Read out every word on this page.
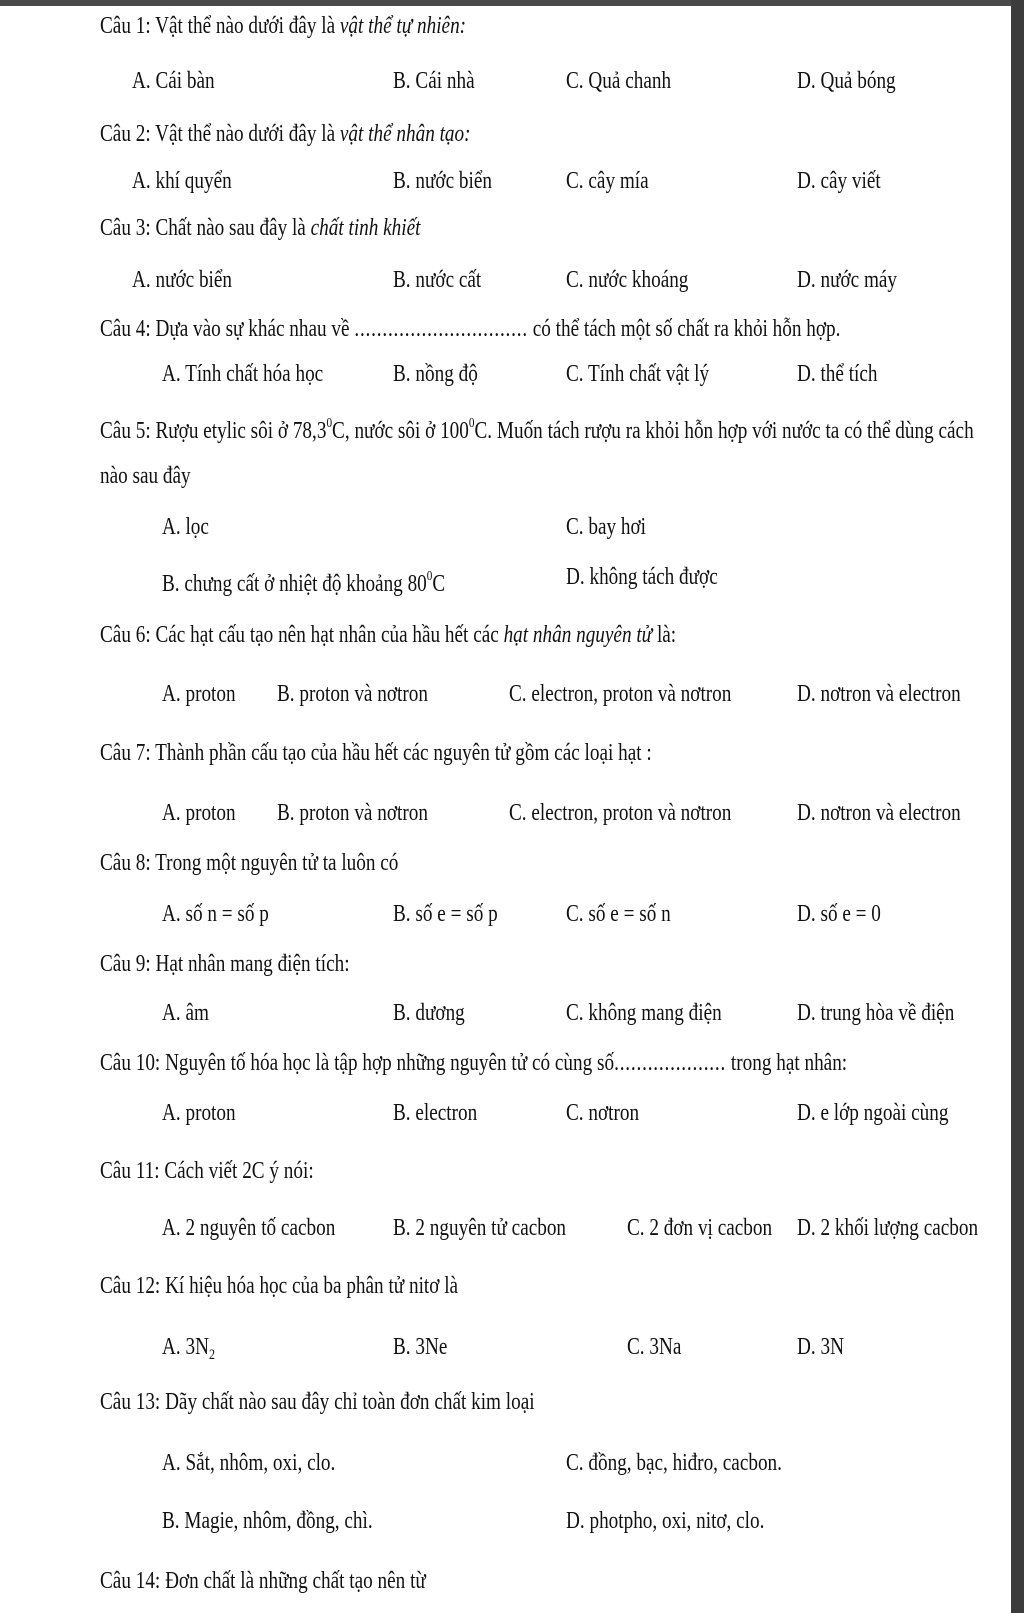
Câu 1: Vật thể nào dưới đây là vật thể tự nhiên:
A. Cái bàn	B. Cái nhà	C. Quả chanh	D. Quả bóng
Câu 2: Vật thể nào dưới đây là vật thể nhân tạo:
A. khí quyển	B. nước biển	C. cây mía	D. cây viết
Câu 3: Chất nào sau đây là chất tinh khiết
A. nước biển	B. nước cất	C. nước khoáng	D. nước máy
Câu 4: Dựa vào sự khác nhau về ............................... có thể tách một số chất ra khỏi hỗn hợp.
A. Tính chất hóa học	B. nồng độ	C. Tính chất vật lý	D. thể tích
Câu 5: Rượu etylic sôi ở 78,3$^0$C, nước sôi ở $100^0C$. Muốn tách rượu ra khỏi hỗn hợp với nước ta có thể dùng cách
nào sau đây
A. lọc	C. bay hơi
B. chưng cất ở nhiệt độ khoảng $80^0C$	D. không tách được
Câu 6: Các hạt cấu tạo nên hạt nhân của hầu hết các hạt nhân nguyên tử là:
A. proton B. proton và nơtron	C. electron, proton và nơtron	D. nơtron và electron
Câu 7: Thành phần cấu tạo của hầu hết các nguyên tử gồm các loại hạt :
A. proton B. proton và nơtron	C. electron, proton và nơtron	D. nơtron và electron
Câu 8: Trong một nguyên tử ta luôn có
A. số n = số p	B. số e = số p	C. số e = số n	D. số e = 0
Câu 9: Hạt nhân mang điện tích:
A. âm	B. dương	C. không mang điện	D. trung hòa về điện
Câu 10: Nguyên tố hóa học là tập hợp những nguyên tử có cùng số.................... trong hạt nhân:
A. proton	B. electron	C. nơtron	D. e lớp ngoài cùng
Câu 11: Cách viết 2C ý nói:
A. 2 nguyên tố cacbon B. 2 nguyên tử cacbon	C. 2 đơn vị cacbon D. 2 khối lượng cacbon
Câu 12: Kí hiệu hóa học của ba phân tử nitơ là
A. $3N_2$	B. 3Ne	C. 3Na	D. 3N
Câu 13: Dãy chất nào sau đây chỉ toàn đơn chất kim loại
A. Sắt, nhôm, oxi, clo.	C. đồng, bạc, hiđro, cacbon.
B. Magie, nhôm, đồng, chì.	D. photpho, oxi, nitơ, clo.
Câu 14: Đơn chất là những chất tạo nên từ
